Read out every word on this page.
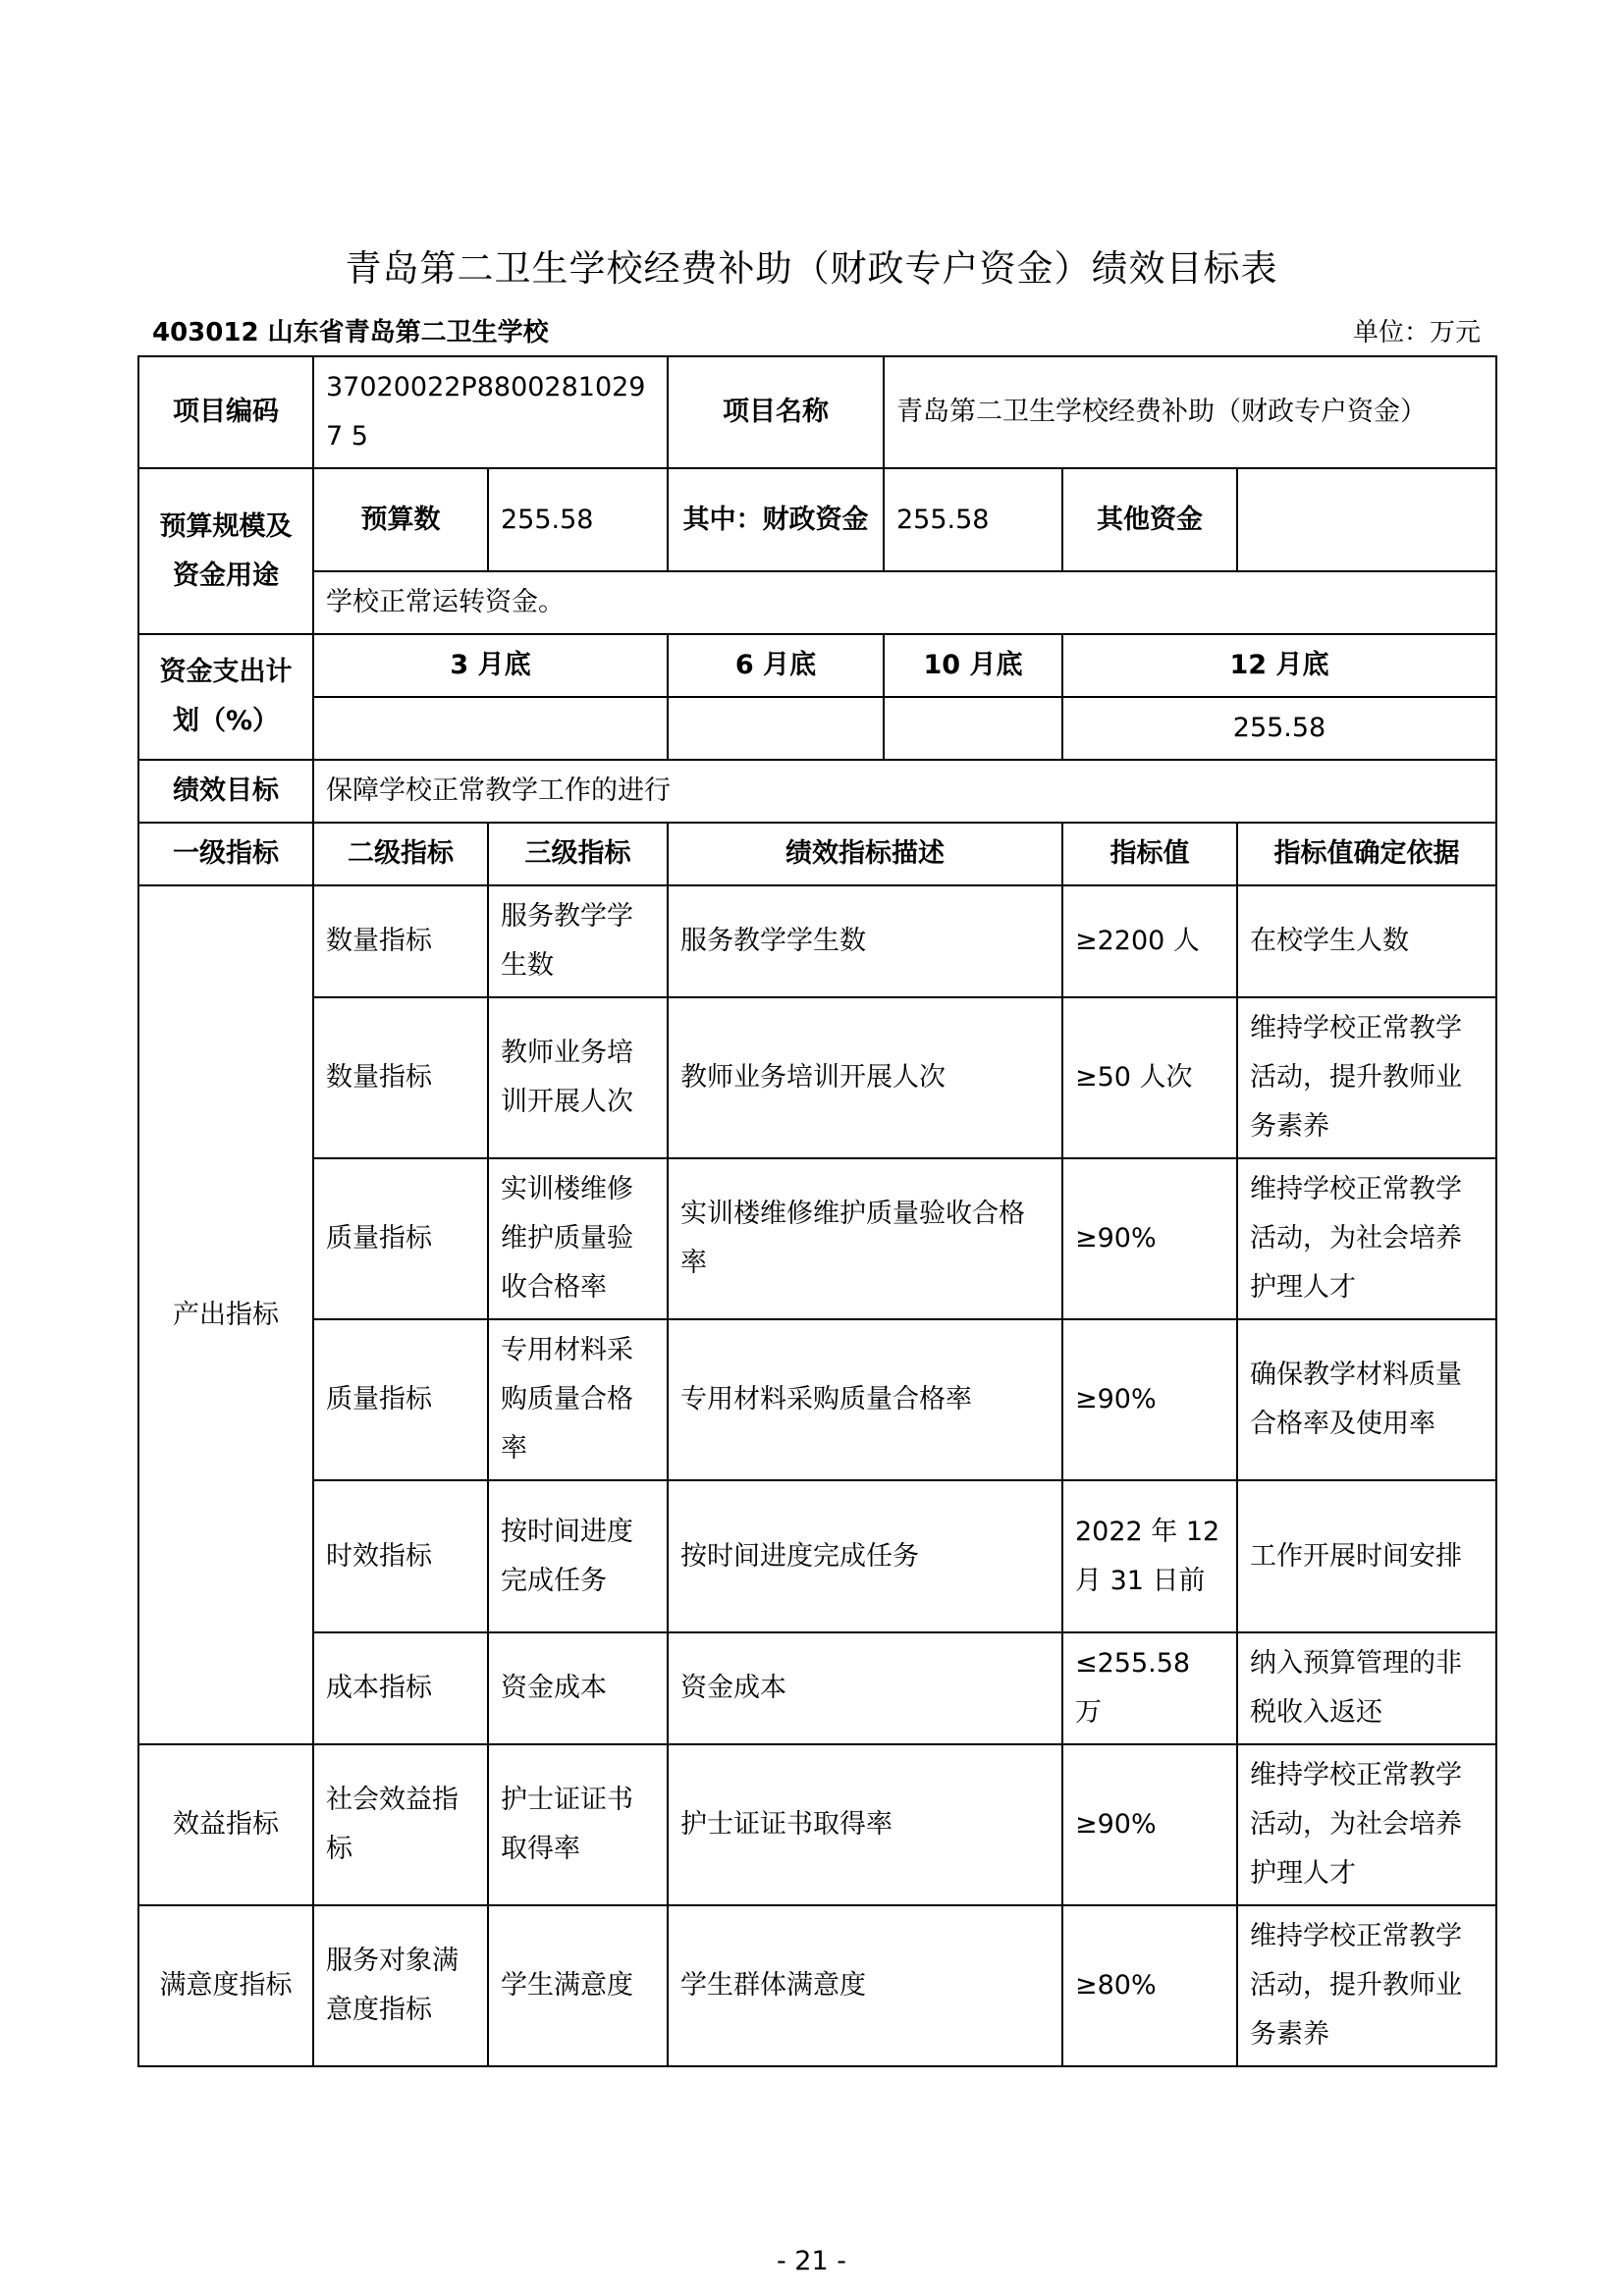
青岛第二卫生学校经费补助（财政专户资金）绩效目标表
403012 山东省青岛第二卫生学校	单位：万元
项目编码	37020022P88002810297 5		项目名称	青岛第二卫生学校经费补助（财政专户资金）		
预算规模及资金用途	预算数	255.58	其中：财政资金	255.58	其他资金	
	学校正常运转资金。					
资金支出计划（%）	3 月底		6 月底	10 月底	12 月底	
					255.58	
绩效目标	保障学校正常教学工作的进行					
一级指标	二级指标	三级指标	绩效指标描述		指标值	指标值确定依据
产出指标	数量指标	服务教学学生数	服务教学学生数		≥2200 人	在校学生人数
	数量指标	教师业务培训开展人次	教师业务培训开展人次		≥50 人次	维持学校正常教学活动，提升教师业务素养
	质量指标	实训楼维修维护质量验收合格率	实训楼维修维护质量验收合格率		≥90%	维持学校正常教学活动，为社会培养护理人才
	质量指标	专用材料采购质量合格率	专用材料采购质量合格率		≥90%	确保教学材料质量合格率及使用率
	时效指标	按时间进度完成任务	按时间进度完成任务		2022 年 12 月 31 日前	工作开展时间安排
	成本指标	资金成本	资金成本		≤255.58 万	纳入预算管理的非税收入返还
效益指标	社会效益指标	护士证证书取得率	护士证证书取得率		≥90%	维持学校正常教学活动，为社会培养护理人才
满意度指标	服务对象满意度指标	学生满意度	学生群体满意度		≥80%	维持学校正常教学活动，提升教师业务素养
- 21 -
